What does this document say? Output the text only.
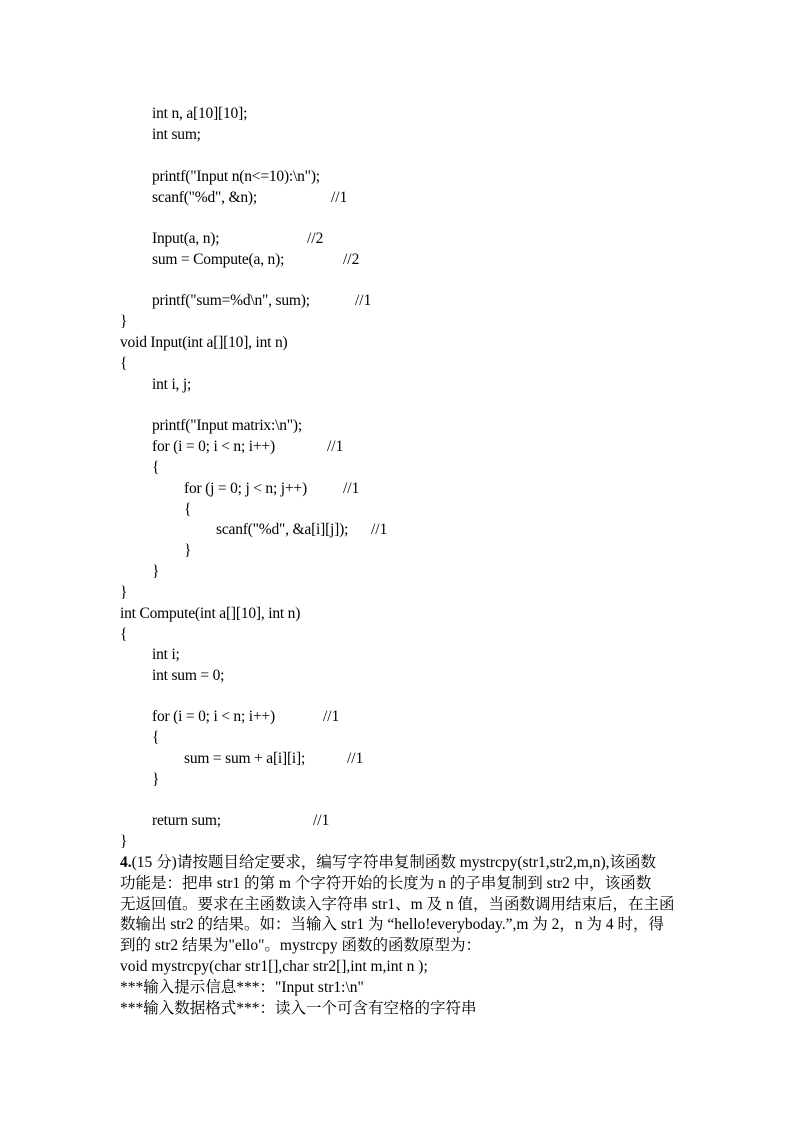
int n, a[10][10];
int sum;
printf("Input n(n<=10):\n");
scanf("%d", &n);	//1
Input(a, n);	//2
sum = Compute(a, n);	//2
printf("sum=%d\n", sum);	//1
}
void Input(int a[][10], int n)
{
int i, j;
printf("Input matrix:\n");
for (i = 0; i < n; i++)	//1
{
for (j = 0; j < n; j++) //1
{
scanf("%d", &a[i][j]); //1
}
}
}
int Compute(int a[][10], int n)
{
int i;
int sum = 0;
for (i = 0; i < n; i++)	//1
{
sum = sum + a[i][i];	//1
}
return sum;	//1
}
4.(15 分)请按题目给定要求，编写字符串复制函数 mystrcpy(str1,str2,m,n),该函数
功能是：把串 str1 的第 m 个字符开始的长度为 n 的子串复制到 str2 中，该函数
无返回值。要求在主函数读入字符串 str1、m 及 n 值，当函数调用结束后，在主函
数输出 str2 的结果。如：当输入 str1 为 “hello!everyboday.”,m 为 2，n 为 4 时，得
到的 str2 结果为"ello"。mystrcpy 函数的函数原型为：
void mystrcpy(char str1[],char str2[],int m,int n );
***输入提示信息***："Input str1:\n"
***输入数据格式***：读入一个可含有空格的字符串
